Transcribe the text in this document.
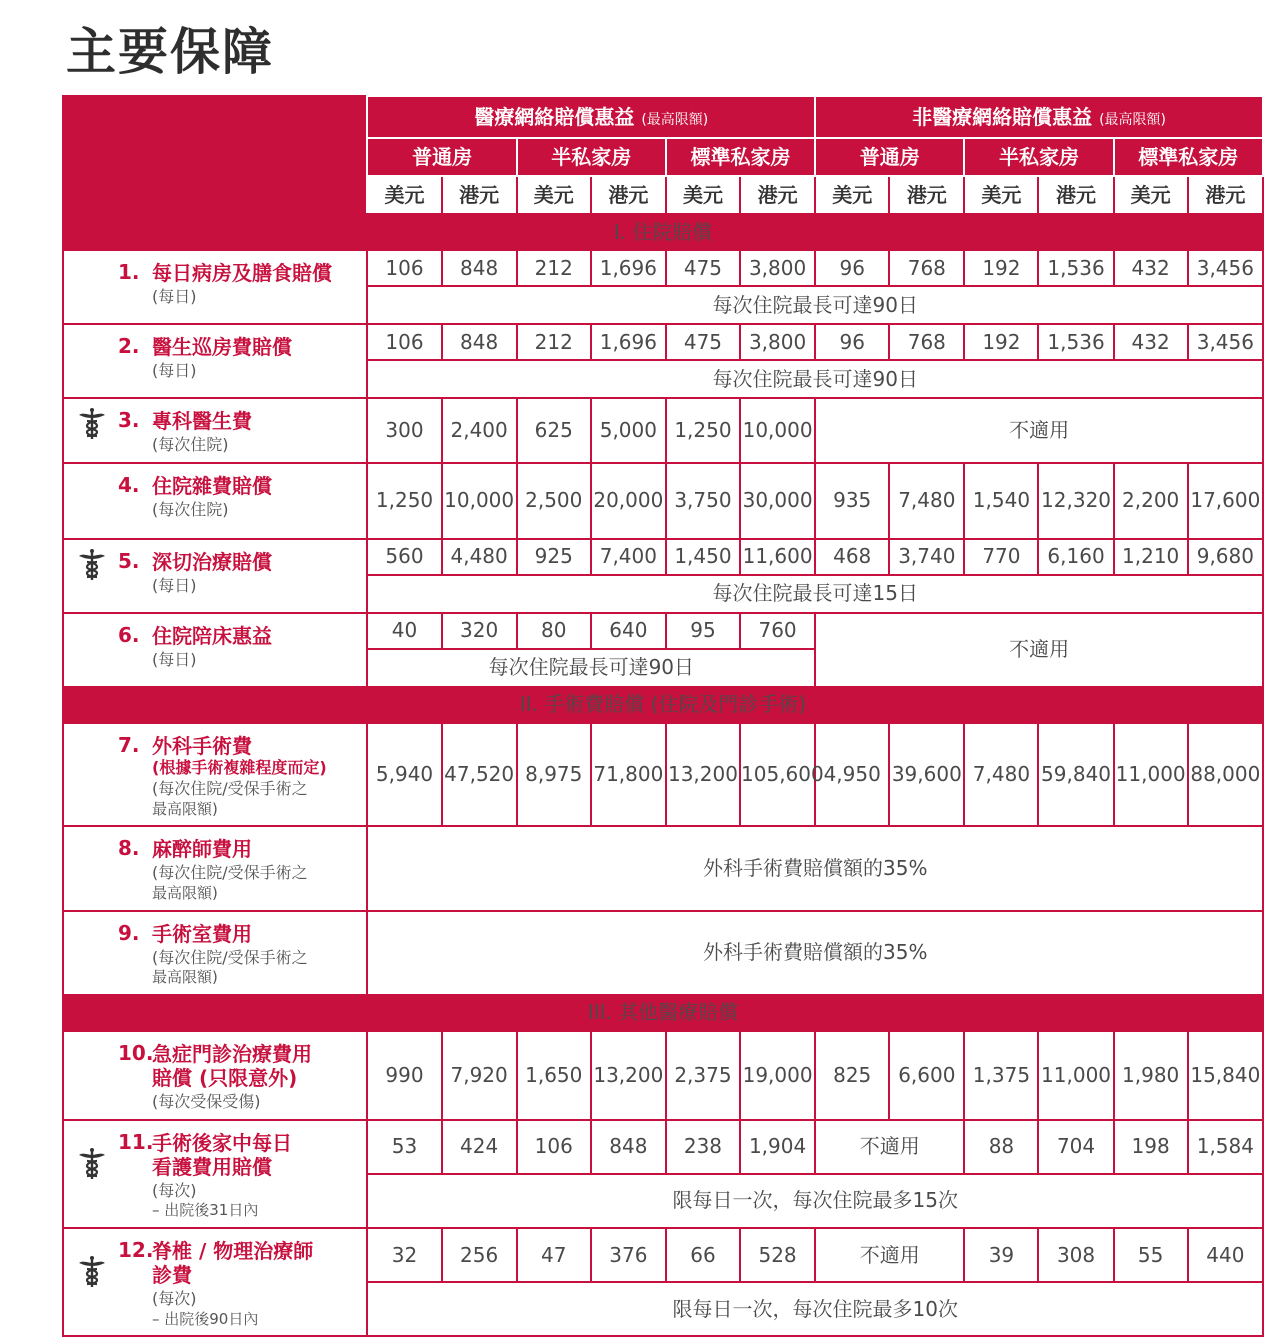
主要保障
	醫療網絡賠償惠益 (最高限額)						非醫療網絡賠償惠益 (最高限額)					
	普通房		半私家房		標準私家房		普通房		半私家房		標準私家房	
	美元	港元	美元	港元	美元	港元	美元	港元	美元	港元	美元	港元
I. 住院賠償												

1. 每日病房及膳食賠償
(每日)	106	848	212	1,696	475	3,800	96	768	192	1,536	432	3,456
	每次住院最長可達90日											

2. 醫生巡房費賠償
(每日)	106	848	212	1,696	475	3,800	96	768	192	1,536	432	3,456
	每次住院最長可達90日											

3. 專科醫生費
(每次住院)	300	2,400	625	5,000	1,250	10,000	不適用					

4. 住院雜費賠償
(每次住院)	1,250	10,000	2,500	20,000	3,750	30,000	935	7,480	1,540	12,320	2,200	17,600

5. 深切治療賠償
(每日)	560	4,480	925	7,400	1,450	11,600	468	3,740	770	6,160	1,210	9,680
	每次住院最長可達15日											

6. 住院陪床惠益
(每日)	40	320	80	640	95	760	不適用					
	每次住院最長可達90日											
II. 手術費賠償 (住院及門診手術)												

7. 外科手術費
(根據手術複雜程度而定)
(每次住院/受保手術之
最高限額)	5,940	47,520	8,975	71,800	13,200	105,600	4,950	39,600	7,480	59,840	11,000	88,000

8. 麻醉師費用
(每次住院/受保手術之
最高限額)	外科手術費賠償額的35%											

9. 手術室費用
(每次住院/受保手術之
最高限額)	外科手術費賠償額的35%											
III. 其他醫療賠償												

10.
急症門診治療費用
賠償 (只限意外)
(每次受保受傷)	990	7,920	1,650	13,200	2,375	19,000	825	6,600	1,375	11,000	1,980	15,840

11.
手術後家中每日
看護費用賠償
(每次)
– 出院後31日內	53	424	106	848	238	1,904	不適用		88	704	198	1,584
	限每日一次，每次住院最多15次											

12.
脊椎 / 物理治療師
診費
(每次)
– 出院後90日內	32	256	47	376	66	528	不適用		39	308	55	440
	限每日一次，每次住院最多10次											
